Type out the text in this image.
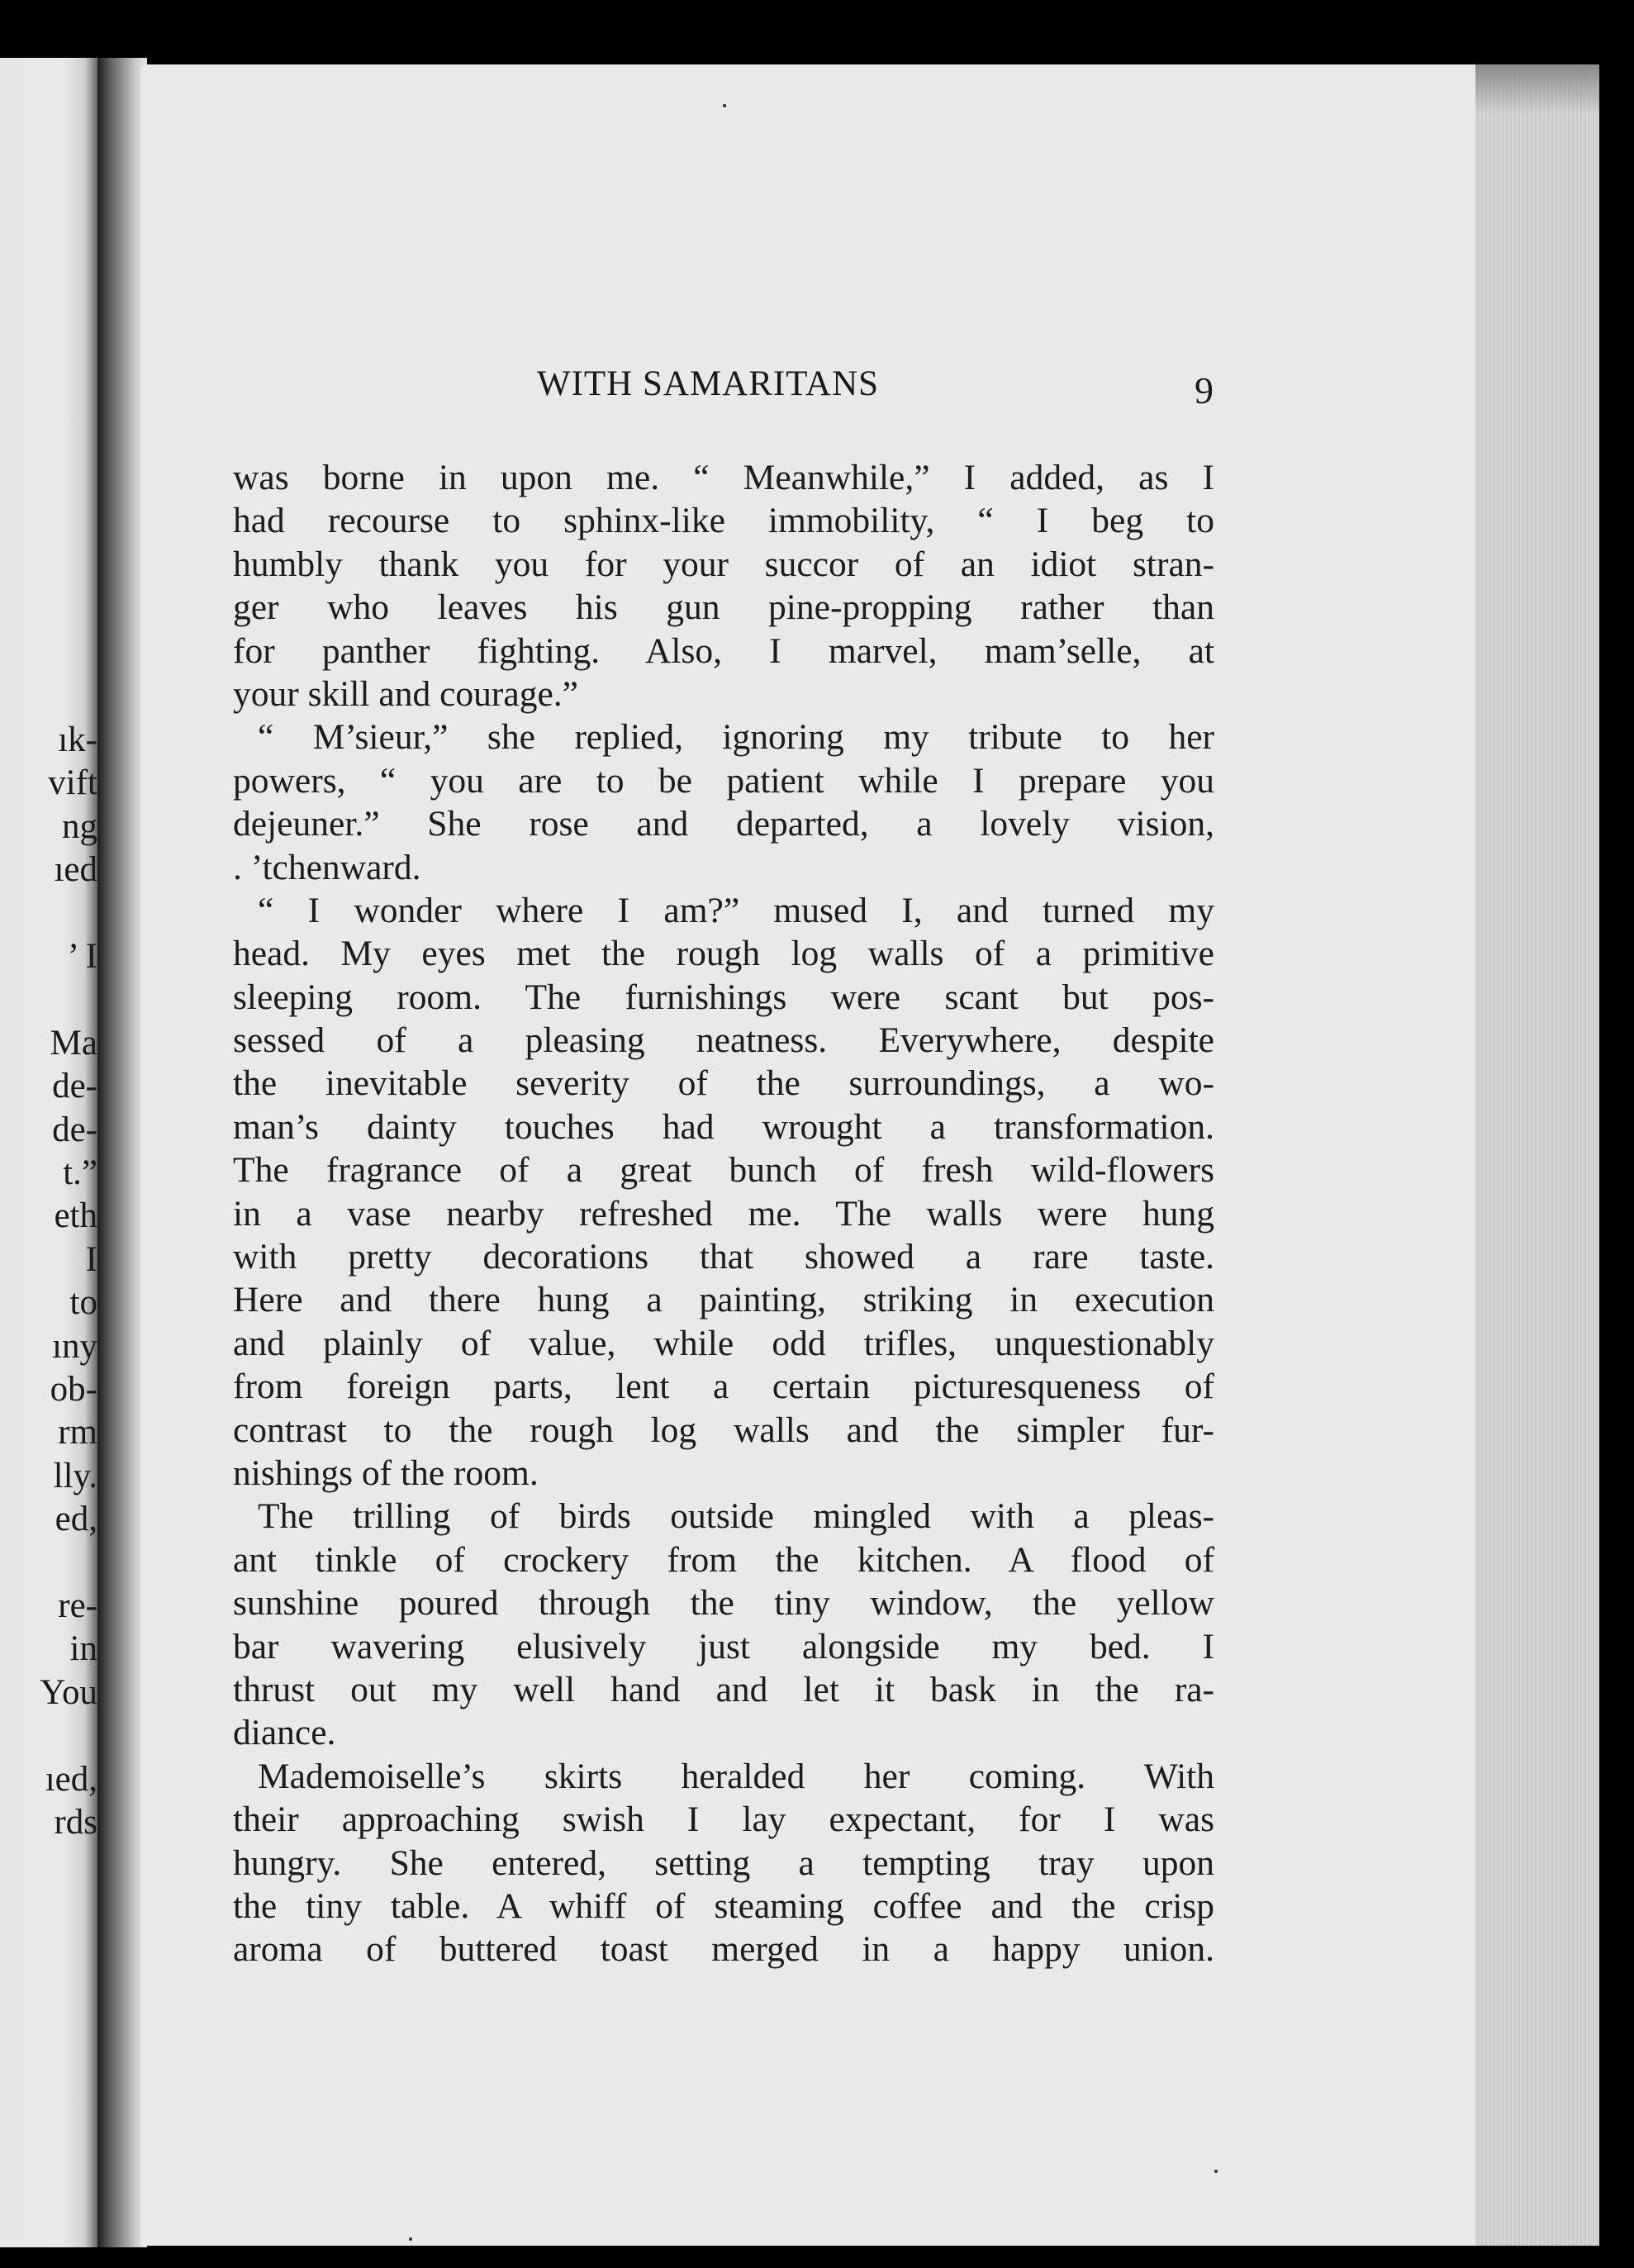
ık-
vift
ng
ıed
’ I
Ma
de-
de-
t.”
eth
I
to
ıny
ob-
rm
lly.
ed,
re-
in
You
ıed,
rds
WITH SAMARITANS	9
was borne in upon me. “ Meanwhile,” I added, as I
had recourse to sphinx-like immobility, “ I beg to
humbly thank you for your succor of an idiot stran-
ger who leaves his gun pine-propping rather than
for panther fighting. Also, I marvel, mam’selle, at
your skill and courage.”
“ M’sieur,” she replied, ignoring my tribute to her
powers, “ you are to be patient while I prepare you
dejeuner.” She rose and departed, a lovely vision,
. ’tchenward.
“ I wonder where I am?” mused I, and turned my
head. My eyes met the rough log walls of a primitive
sleeping room. The furnishings were scant but pos-
sessed of a pleasing neatness. Everywhere, despite
the inevitable severity of the surroundings, a wo-
man’s dainty touches had wrought a transformation.
The fragrance of a great bunch of fresh wild-flowers
in a vase nearby refreshed me. The walls were hung
with pretty decorations that showed a rare taste.
Here and there hung a painting, striking in execution
and plainly of value, while odd trifles, unquestionably
from foreign parts, lent a certain picturesqueness of
contrast to the rough log walls and the simpler fur-
nishings of the room.
The trilling of birds outside mingled with a pleas-
ant tinkle of crockery from the kitchen. A flood of
sunshine poured through the tiny window, the yellow
bar wavering elusively just alongside my bed. I
thrust out my well hand and let it bask in the ra-
diance.
Mademoiselle’s skirts heralded her coming. With
their approaching swish I lay expectant, for I was
hungry. She entered, setting a tempting tray upon
the tiny table. A whiff of steaming coffee and the crisp
aroma of buttered toast merged in a happy union.
